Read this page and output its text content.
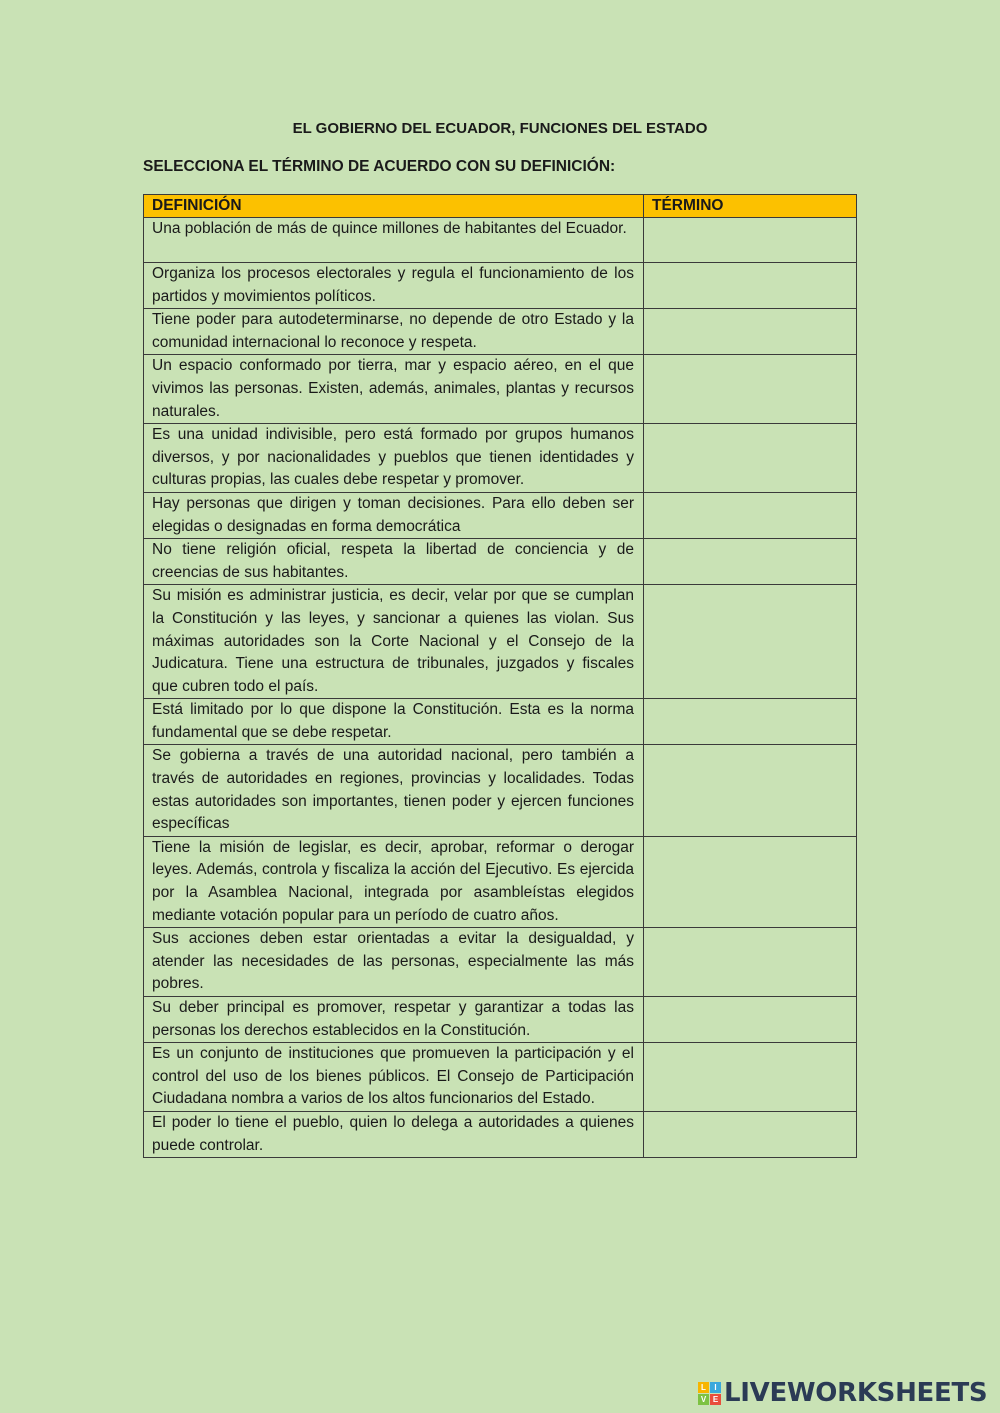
EL GOBIERNO DEL ECUADOR, FUNCIONES DEL ESTADO
SELECCIONA EL TÉRMINO DE ACUERDO CON SU DEFINICIÓN:
DEFINICIÓN	TÉRMINO
Una población de más de quince millones de habitantes del Ecuador.	

Organiza los procesos electorales y regula el funcionamiento de los partidos y movimientos políticos.	

Tiene poder para autodeterminarse, no depende de otro Estado y la comunidad internacional lo reconoce y respeta.	

Un espacio conformado por tierra, mar y espacio aéreo, en el que vivimos las personas. Existen, además, animales, plantas y recursos naturales.	

Es una unidad indivisible, pero está formado por grupos humanos diversos, y por nacionalidades y pueblos que tienen identidades y culturas propias, las cuales debe respetar y promover.	

Hay personas que dirigen y toman decisiones. Para ello deben ser elegidas o designadas en forma democrática	

No tiene religión oficial, respeta la libertad de conciencia y de creencias de sus habitantes.	

Su misión es administrar justicia, es decir, velar por que se cumplan la Constitución y las leyes, y sancionar a quienes las violan. Sus máximas autoridades son la Corte Nacional y el Consejo de la Judicatura. Tiene una estructura de tribunales, juzgados y fiscales que cubren todo el país.	

Está limitado por lo que dispone la Constitución. Esta es la norma fundamental que se debe respetar.	

Se gobierna a través de una autoridad nacional, pero también a través de autoridades en regiones, provincias y localidades. Todas estas autoridades son importantes, tienen poder y ejercen funciones específicas	

Tiene la misión de legislar, es decir, aprobar, reformar o derogar leyes. Además, controla y fiscaliza la acción del Ejecutivo. Es ejercida por la Asamblea Nacional, integrada por asambleístas elegidos mediante votación popular para un período de cuatro años.	

Sus acciones deben estar orientadas a evitar la desigualdad, y atender las necesidades de las personas, especialmente las más pobres.	

Su deber principal es promover, respetar y garantizar a todas las personas los derechos establecidos en la Constitución.	

Es un conjunto de instituciones que promueven la participación y el control del uso de los bienes públicos. El Consejo de Participación Ciudadana nombra a varios de los altos funcionarios del Estado.	

El poder lo tiene el pueblo, quien lo delega a autoridades a quienes puede controlar.	
L	I
V E LIVEWORKSHEETS
